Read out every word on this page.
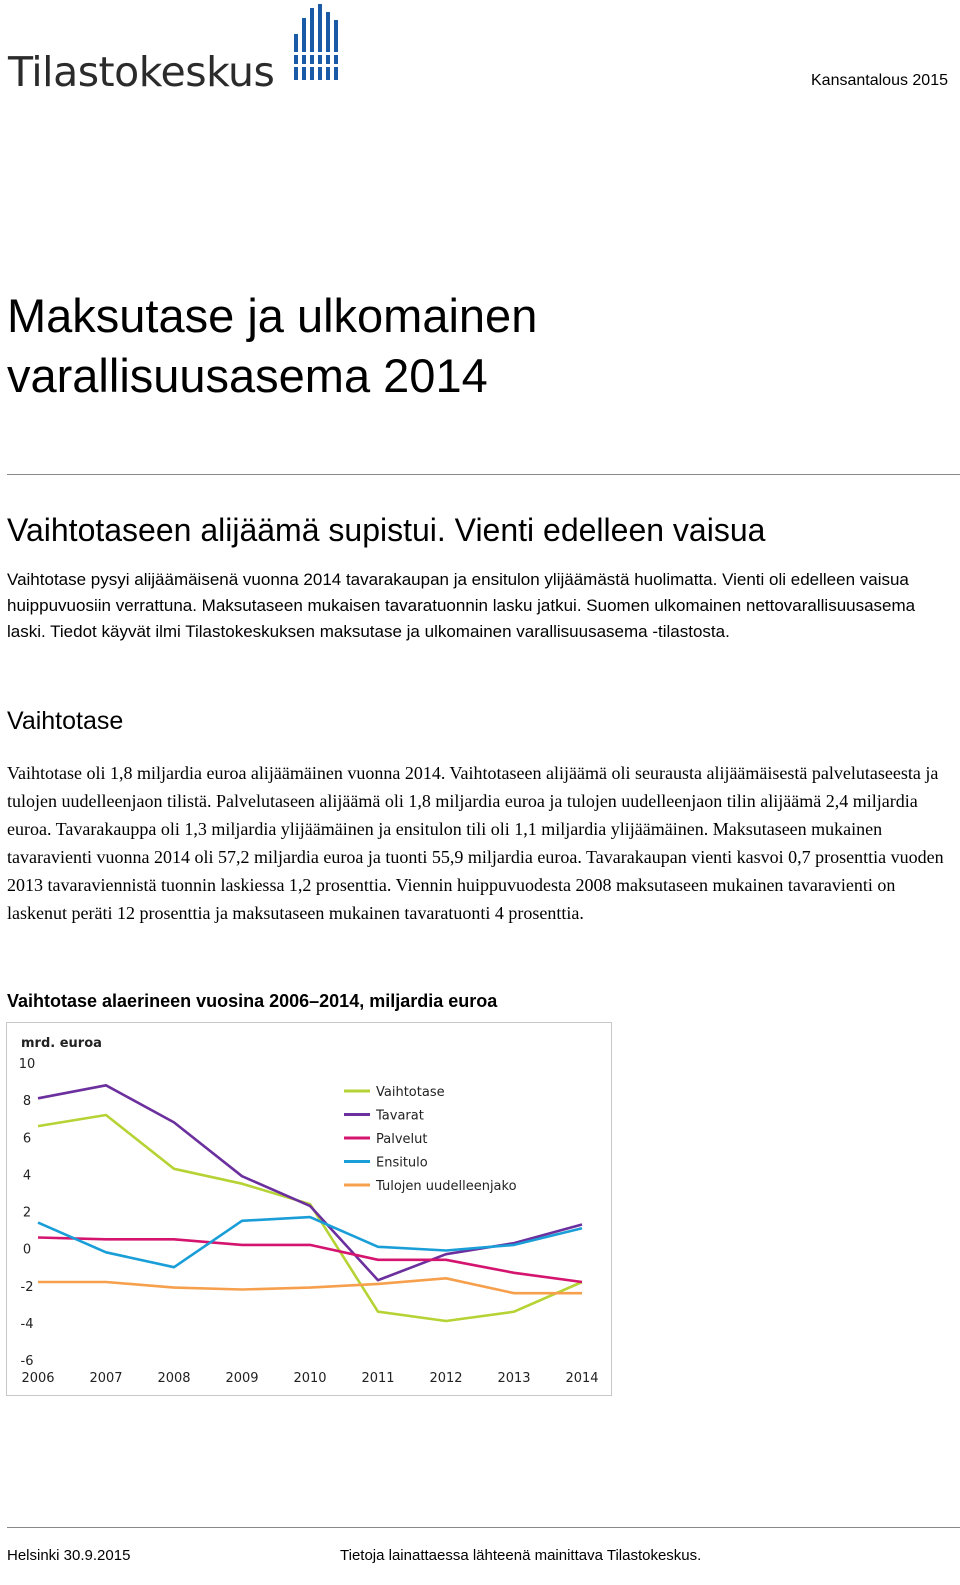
Tilastokeskus	Kansantalous 2015
Maksutase ja ulkomainen
varallisuusasema 2014
Vaihtotaseen alijäämä supistui. Vienti edelleen vaisua

Vaihtotase pysyi alijäämäisenä vuonna 2014 tavarakaupan ja ensitulon ylijäämästä huolimatta. Vienti oli edelleen vaisua huippuvuosiin verrattuna. Maksutaseen mukaisen tavaratuonnin lasku jatkui. Suomen ulkomainen nettovarallisuusasema laski. Tiedot käyvät ilmi Tilastokeskuksen maksutase ja ulkomainen varallisuusasema -tilastosta.

Vaihtotase

Vaihtotase oli 1,8 miljardia euroa alijäämäinen vuonna 2014. Vaihtotaseen alijäämä oli seurausta alijäämäisestä palvelutaseesta ja tulojen uudelleenjaon tilistä. Palvelutaseen alijäämä oli 1,8 miljardia euroa ja tulojen uudelleenjaon tilin alijäämä 2,4 miljardia euroa. Tavarakauppa oli 1,3 miljardia ylijäämäinen ja ensitulon tili oli 1,1 miljardia ylijäämäinen. Maksutaseen mukainen tavaravienti vuonna 2014 oli 57,2 miljardia euroa ja tuonti 55,9 miljardia euroa. Tavarakaupan vienti kasvoi 0,7 prosenttia vuoden 2013 tavaraviennistä tuonnin laskiessa 1,2 prosenttia. Viennin huippuvuodesta 2008 maksutaseen mukainen tavaravienti on laskenut peräti 12 prosenttia ja maksutaseen mukainen tavaratuonti 4 prosenttia.

Vaihtotase alaerineen vuosina 2006–2014, miljardia euroa
mrd. euroa
10
8
6
4
2
0
-2
-4
-6
2006	2007	2008	2009	2010	2011	2012	2013	2014
Vaihtotase
Tavarat
Palvelut
Ensitulo
Tulojen uudelleenjako
Helsinki 30.9.2015	Tietoja lainattaessa lähteenä mainittava Tilastokeskus.
